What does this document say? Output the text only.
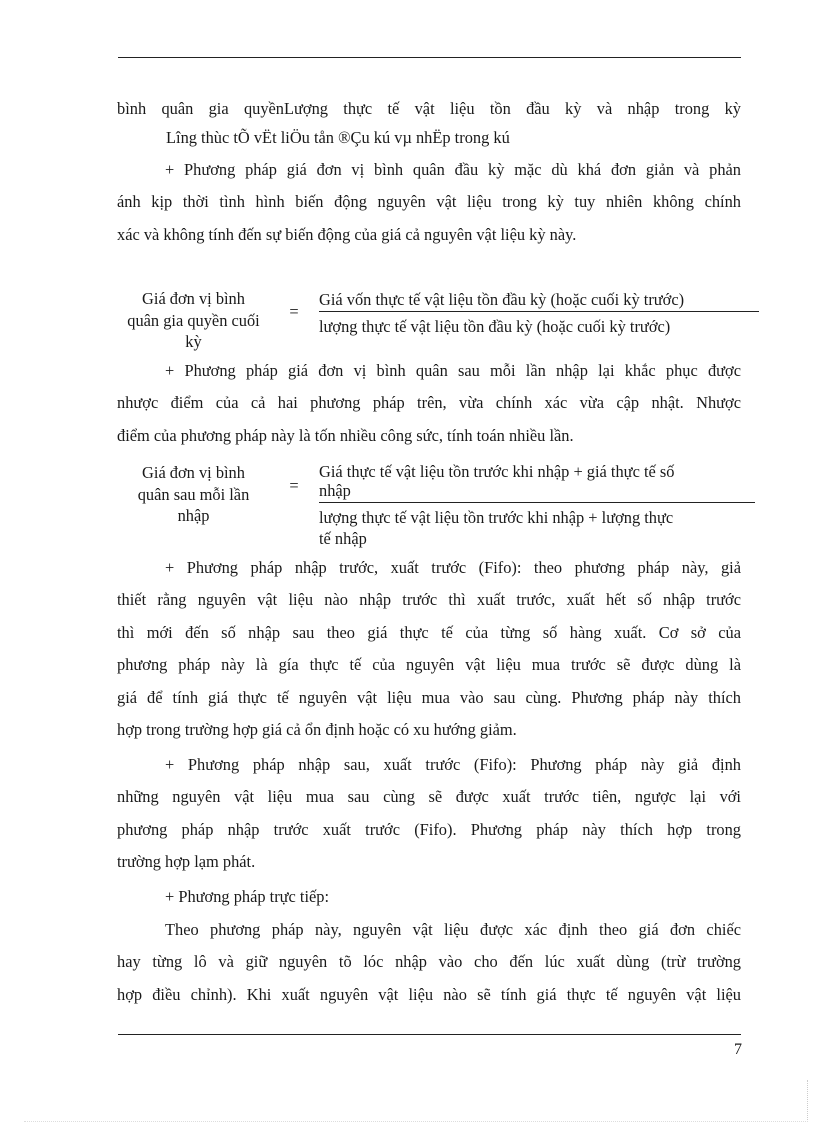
bình quân gia quyềnLượng thực tế vật liệu tồn đầu kỳ và nhập trong kỳ
Lîng thùc tÕ vËt liÖu tån ®Çu kú vµ nhËp trong kú
+ Phương pháp giá đơn vị bình quân đầu kỳ mặc dù khá đơn giản và phản
ánh kịp thời tình hình biến động nguyên vật liệu trong kỳ tuy nhiên không chính
xác và không tính đến sự biến động của giá cả nguyên vật liệu kỳ này.
Giá đơn vị bình
quân gia quyền cuối
kỳ
=
Giá vốn thực tế vật liệu tồn đầu kỳ (hoặc cuối kỳ trước)
lượng thực tế vật liệu tồn đầu kỳ (hoặc cuối kỳ trước)
+ Phương pháp giá đơn vị bình quân sau mỗi lần nhập lại khắc phục được
nhược điểm của cả hai phương pháp trên, vừa chính xác vừa cập nhật. Nhược
điểm của phương pháp này là tốn nhiều công sức, tính toán nhiều lần.
Giá đơn vị bình
quân sau mỗi lần
nhập
=
Giá thực tế vật liệu tồn trước khi nhập + giá thực tế số
nhập
lượng thực tế vật liệu tồn trước khi nhập + lượng thực
tế nhập
+ Phương pháp nhập trước, xuất trước (Fifo): theo phương pháp này, giả
thiết rằng nguyên vật liệu nào nhập trước thì xuất trước, xuất hết số nhập trước
thì mới đến số nhập sau theo giá thực tế của từng số hàng xuất. Cơ sở của
phương pháp này là gía thực tế của nguyên vật liệu mua trước sẽ được dùng là
giá để tính giá thực tế nguyên vật liệu mua vào sau cùng. Phương pháp này thích
hợp trong trường hợp giá cả ổn định hoặc có xu hướng giảm.
+ Phương pháp nhập sau, xuất trước (Fifo): Phương pháp này giả định
những nguyên vật liệu mua sau cùng sẽ được xuất trước tiên, ngược lại với
phương pháp nhập trước xuất trước (Fifo). Phương pháp này thích hợp trong
trường hợp lạm phát.
+ Phương pháp trực tiếp:
Theo phương pháp này, nguyên vật liệu được xác định theo giá đơn chiếc
hay từng lô và giữ nguyên tõ lóc nhập vào cho đến lúc xuất dùng (trừ trường
hợp điều chỉnh). Khi xuất nguyên vật liệu nào sẽ tính giá thực tế nguyên vật liệu
7
